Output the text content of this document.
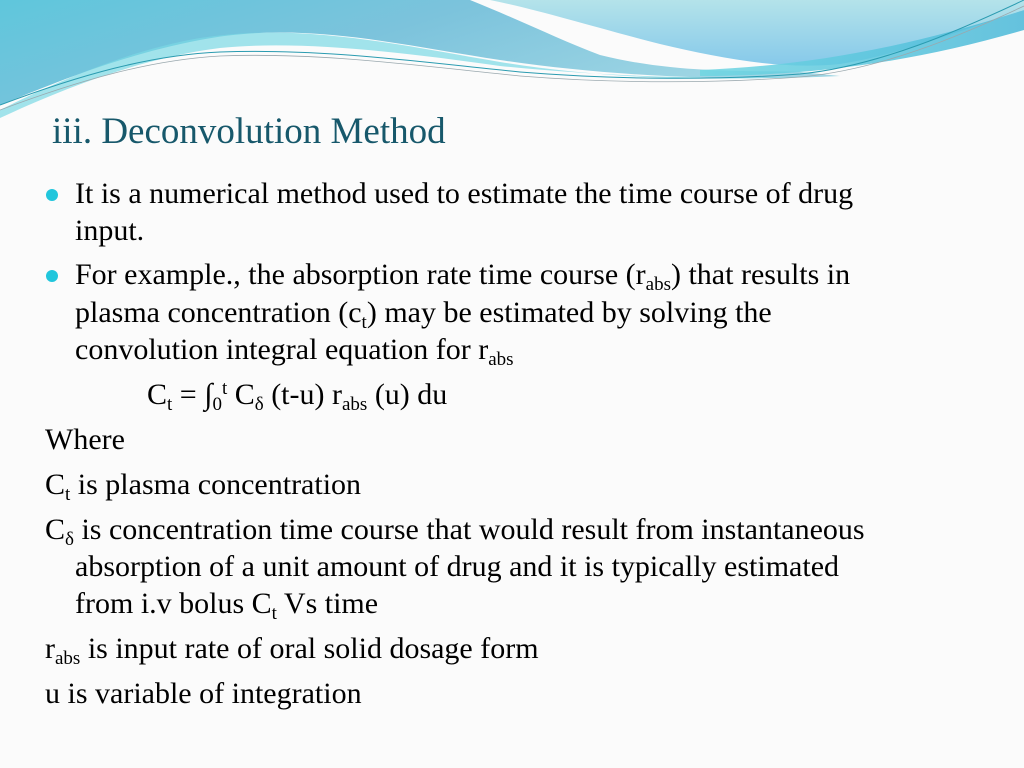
iii. Deconvolution Method
It is a numerical method used to estimate the time course of drug
input.
For example., the absorption rate time course $(r_{abs})$ that results in
plasma concentration $(c_t)$ may be estimated by solving the
convolution integral equation for $r_{abs}$
$C_t = \int_0^t$ $C_\delta$ (t-u) $r_{abs}$ (u) du
Where
$C_t$ is plasma concentration
$C_\delta$ is concentration time course that would result from instantaneous
absorption of a unit amount of drug and it is typically estimated
from i.v bolus $C_t$ Vs time
$r_{abs}$ is input rate of oral solid dosage form
u is variable of integration
